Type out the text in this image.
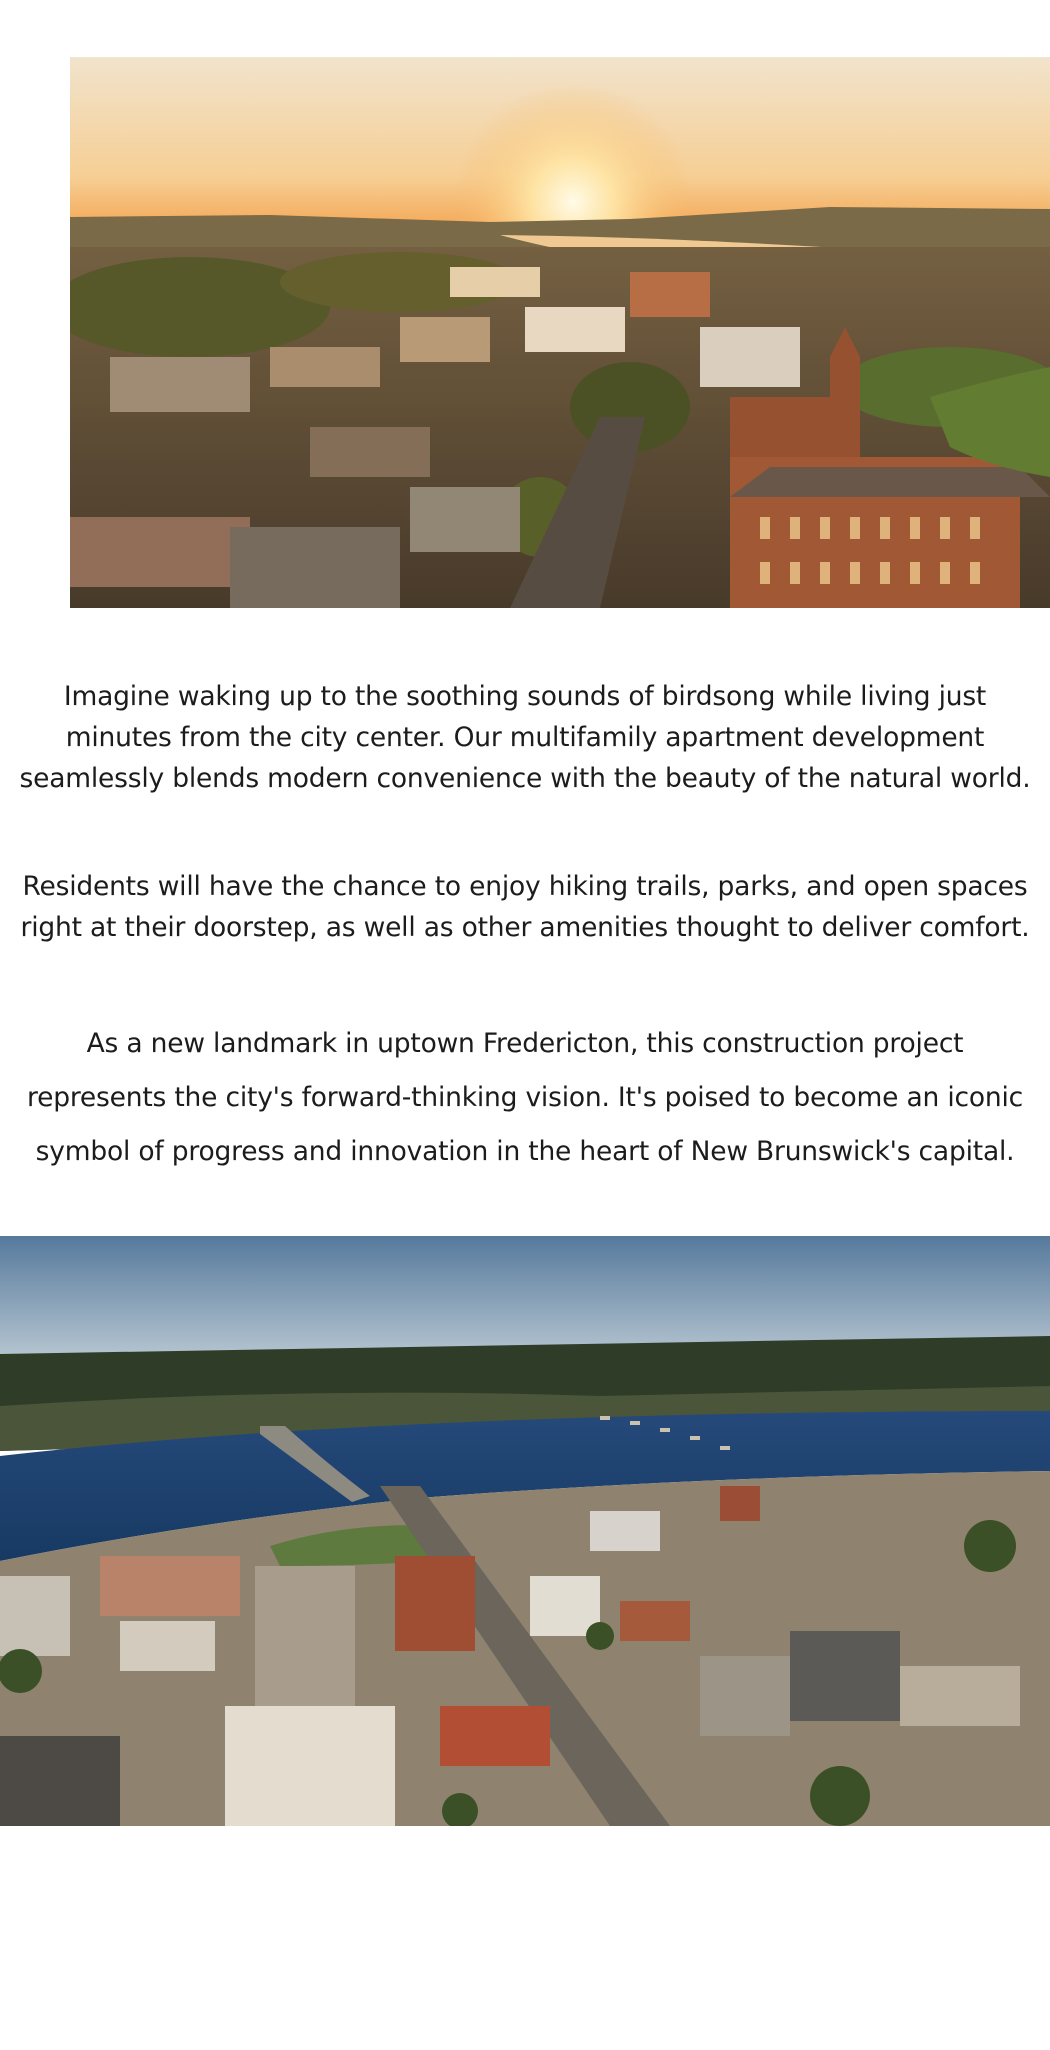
Imagine waking up to the soothing sounds of birdsong while living just
minutes from the city center. Our multifamily apartment development
seamlessly blends modern convenience with the beauty of the natural world.

Residents will have the chance to enjoy hiking trails, parks, and open spaces
right at their doorstep, as well as other amenities thought to deliver comfort.

As a new landmark in uptown Fredericton, this construction project
represents the city's forward-thinking vision. It's poised to become an iconic
symbol of progress and innovation in the heart of New Brunswick's capital.
